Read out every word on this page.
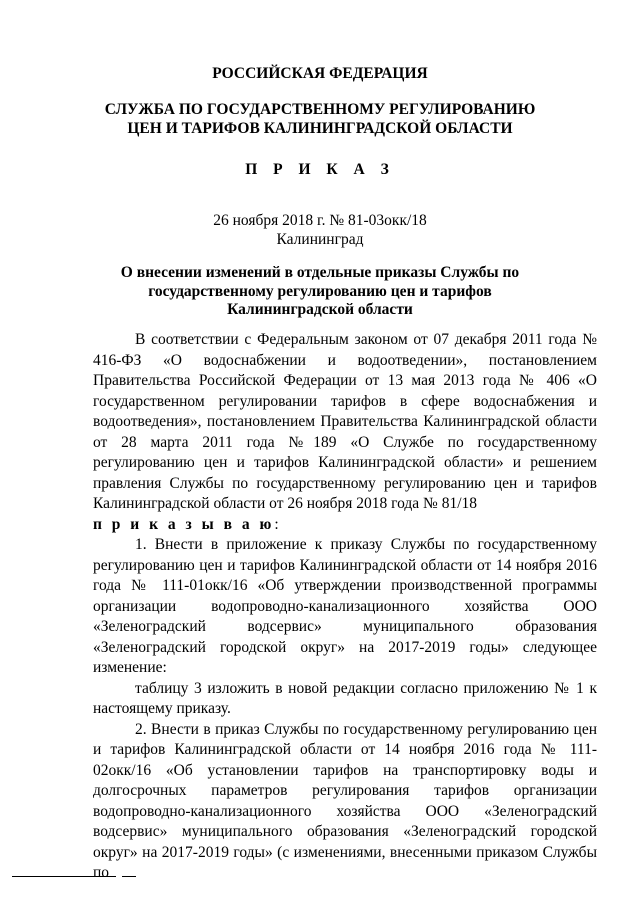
РОССИЙСКАЯ ФЕДЕРАЦИЯ
СЛУЖБА ПО ГОСУДАРСТВЕННОМУ РЕГУЛИРОВАНИЮ
ЦЕН И ТАРИФОВ КАЛИНИНГРАДСКОЙ ОБЛАСТИ
П Р И К А З
26 ноября 2018 г. № 81-03окк/18
Калининград
О внесении изменений в отдельные приказы Службы по
государственному регулированию цен и тарифов
Калининградской области

В соответствии с Федеральным законом от 07 декабря 2011 года № 416-ФЗ «О водоснабжении и водоотведении», постановлением Правительства Российской Федерации от 13 мая 2013 года № 406 «О государственном регулировании тарифов в сфере водоснабжения и водоотведения», постановлением Правительства Калининградской области от 28 марта 2011 года №189 «О Службе по государственному регулированию цен и тарифов Калининградской области» и решением правления Службы по государственному регулированию цен и тарифов Калининградской области от 26 ноября 2018 года № 81/18

п р и к а з ы в а ю:

1. Внести в приложение к приказу Службы по государственному регулированию цен и тарифов Калининградской области от 14 ноября 2016 года № 111-01окк/16 «Об утверждении производственной программы организации водопроводно-канализационного хозяйства ООО «Зеленоградский водсервис» муниципального образования «Зеленоградский городской округ» на 2017-2019 годы» следующее изменение:

таблицу 3 изложить в новой редакции согласно приложению № 1 к настоящему приказу.

2. Внести в приказ Службы по государственному регулированию цен и тарифов Калининградской области от 14 ноября 2016 года № 111-02окк/16 «Об установлении тарифов на транспортировку воды и долгосрочных параметров регулирования тарифов организации водопроводно-канализационного хозяйства ООО «Зеленоградский водсервис» муниципального образования «Зеленоградский городской округ» на 2017-2019 годы» (с изменениями, внесенными приказом Службы по
